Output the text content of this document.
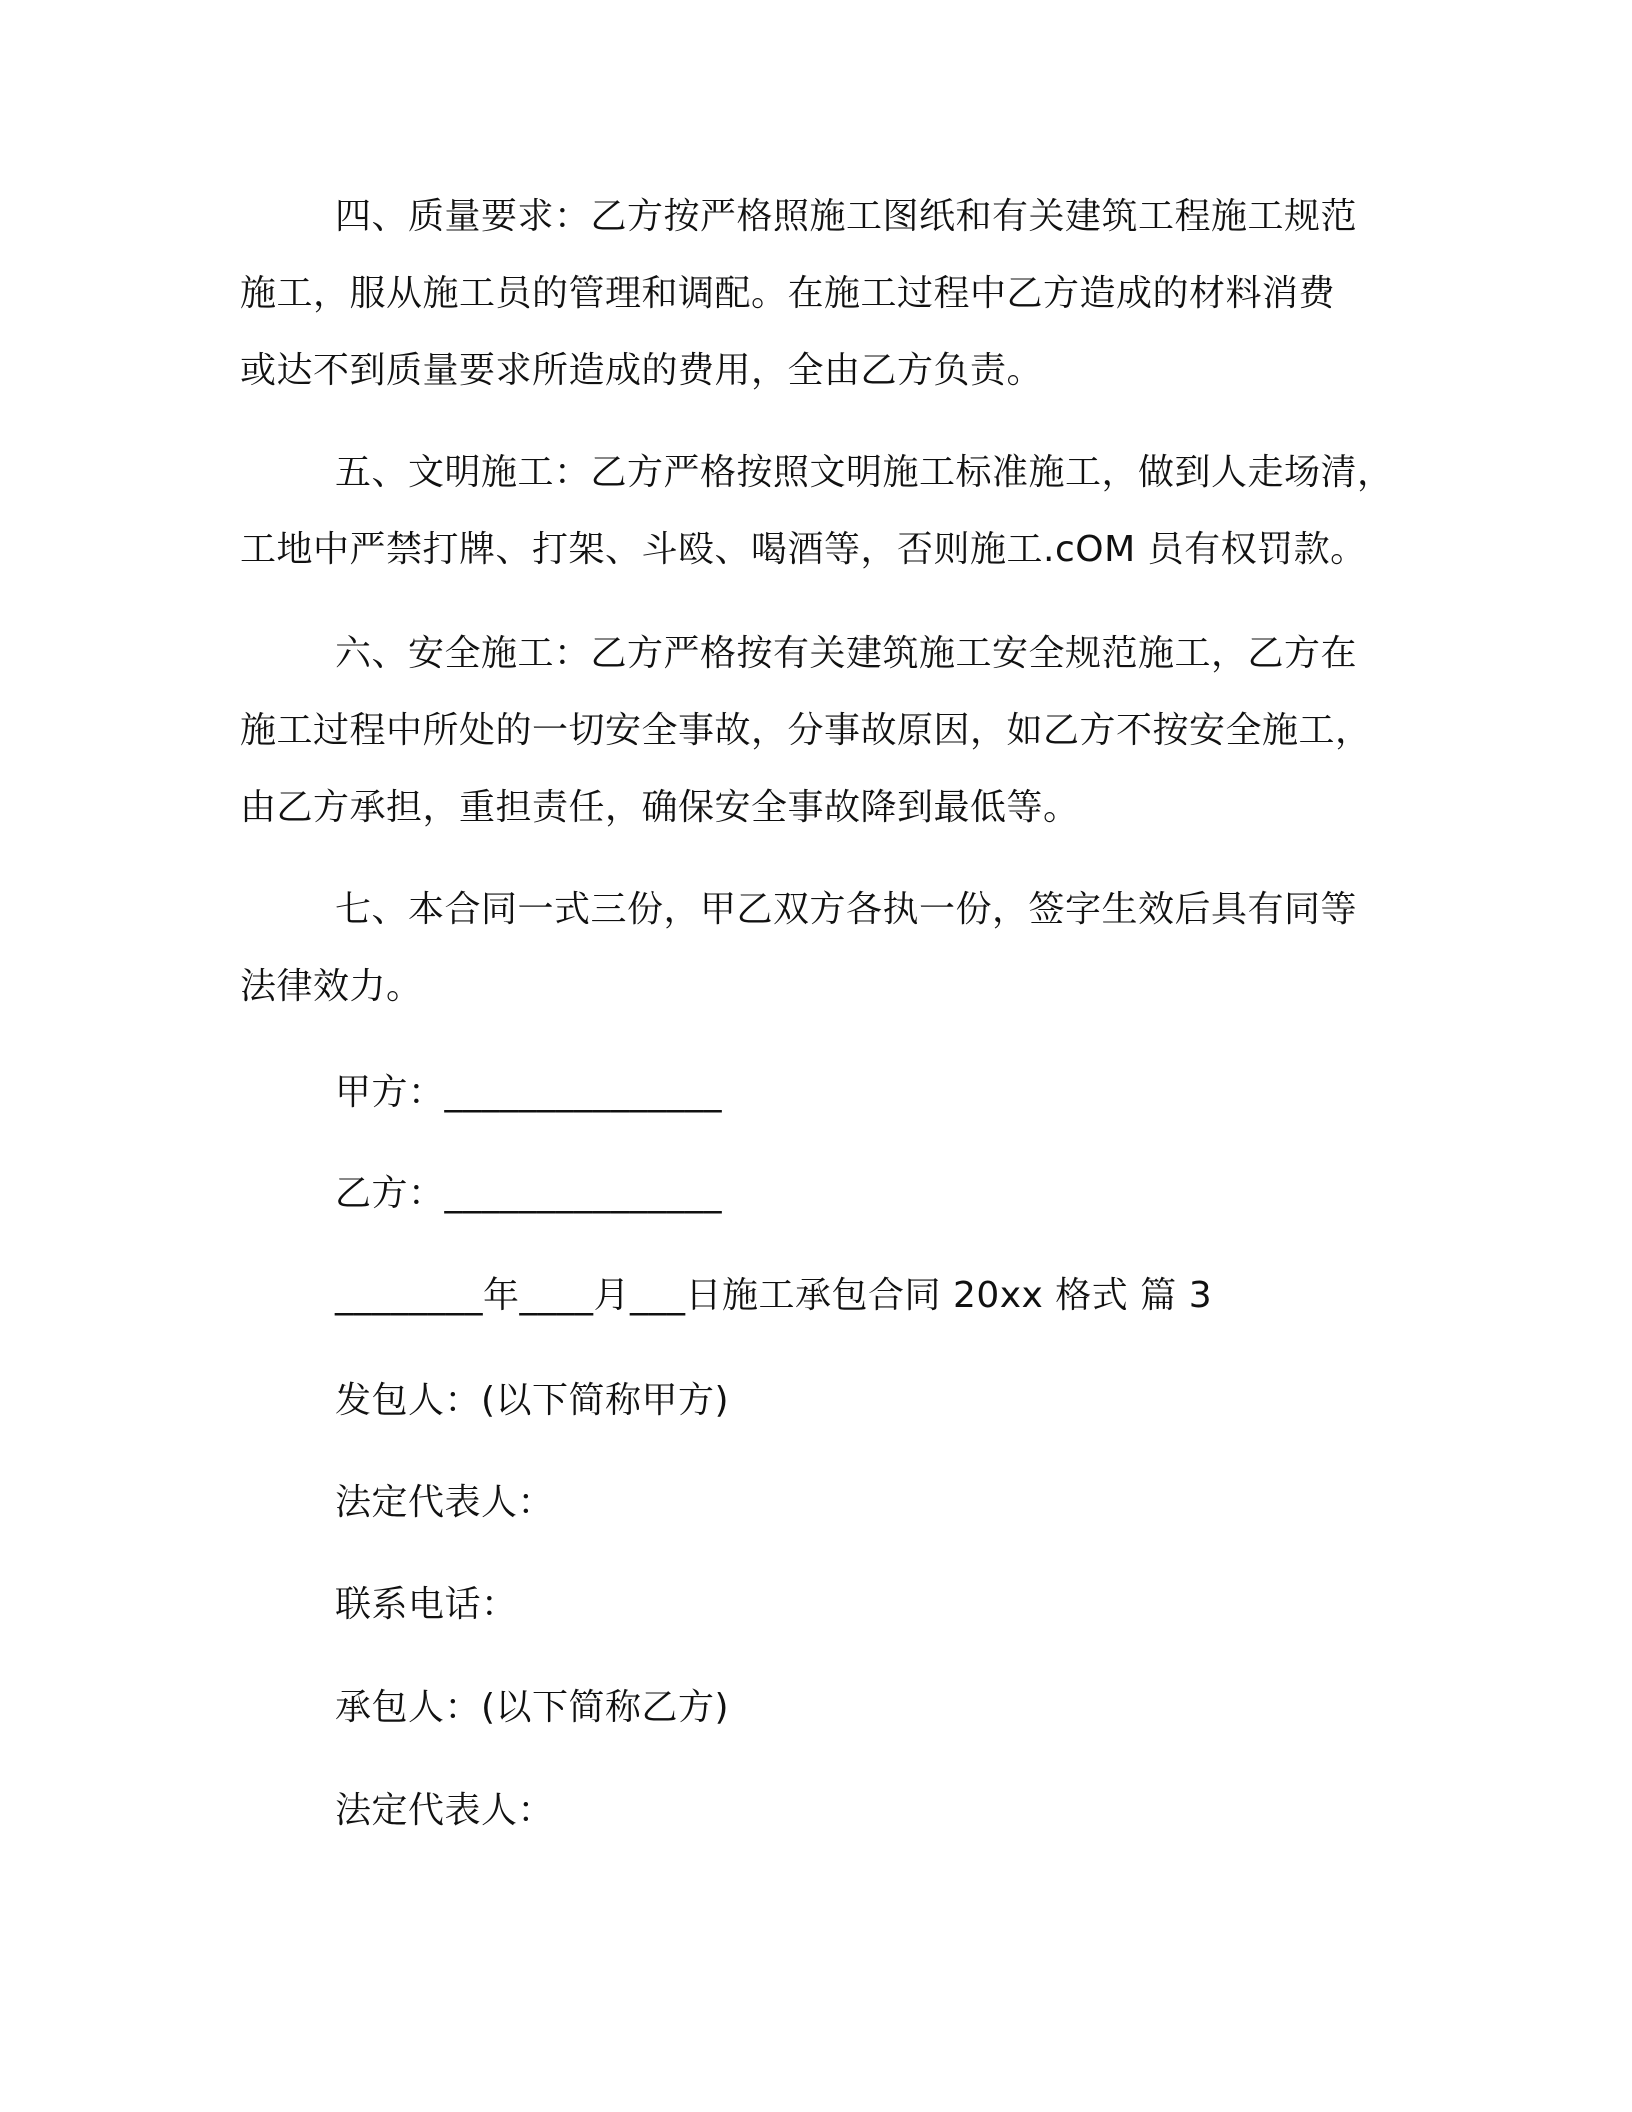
四、质量要求：乙方按严格照施工图纸和有关建筑工程施工规范
施工，服从施工员的管理和调配。在施工过程中乙方造成的材料消费
或达不到质量要求所造成的费用，全由乙方负责。
五、文明施工：乙方严格按照文明施工标准施工，做到人走场清，
工地中严禁打牌、打架、斗殴、喝酒等，否则施工.cOM 员有权罚款。
六、安全施工：乙方严格按有关建筑施工安全规范施工，乙方在
施工过程中所处的一切安全事故，分事故原因，如乙方不按安全施工，
由乙方承担，重担责任，确保安全事故降到最低等。
七、本合同一式三份，甲乙双方各执一份，签字生效后具有同等
法律效力。
甲方：_______________
乙方：_______________
________年____月___日施工承包合同 20xx 格式 篇 3
发包人：(以下简称甲方)
法定代表人：
联系电话：
承包人：(以下简称乙方)
法定代表人：
